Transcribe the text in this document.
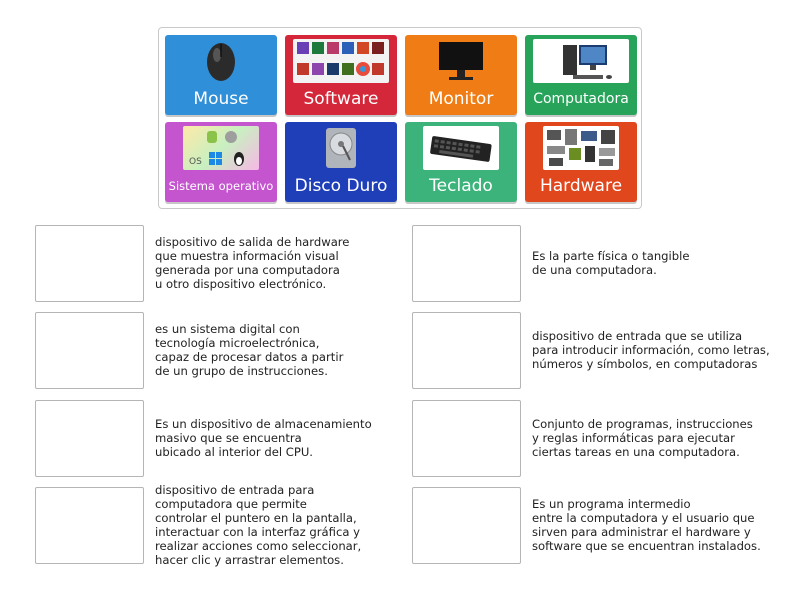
Mouse	Software	Monitor	Computadora
OS
Sistema operativo	Disco Duro	Teclado	Hardware
dispositivo de salida de hardware
que muestra información visual
generada por una computadora
u otro dispositivo electrónico.
Es la parte física o tangible
de una computadora.
es un sistema digital con
tecnología microelectrónica,
capaz de procesar datos a partir
de un grupo de instrucciones.
dispositivo de entrada que se utiliza
para introducir información, como letras,
números y símbolos, en computadoras
Es un dispositivo de almacenamiento
masivo que se encuentra
ubicado al interior del CPU.
Conjunto de programas, instrucciones
y reglas informáticas para ejecutar
ciertas tareas en una computadora.
dispositivo de entrada para
computadora que permite
controlar el puntero en la pantalla,
interactuar con la interfaz gráfica y
realizar acciones como seleccionar,
hacer clic y arrastrar elementos.
Es un programa intermedio
entre la computadora y el usuario que
sirven para administrar el hardware y
software que se encuentran instalados.
